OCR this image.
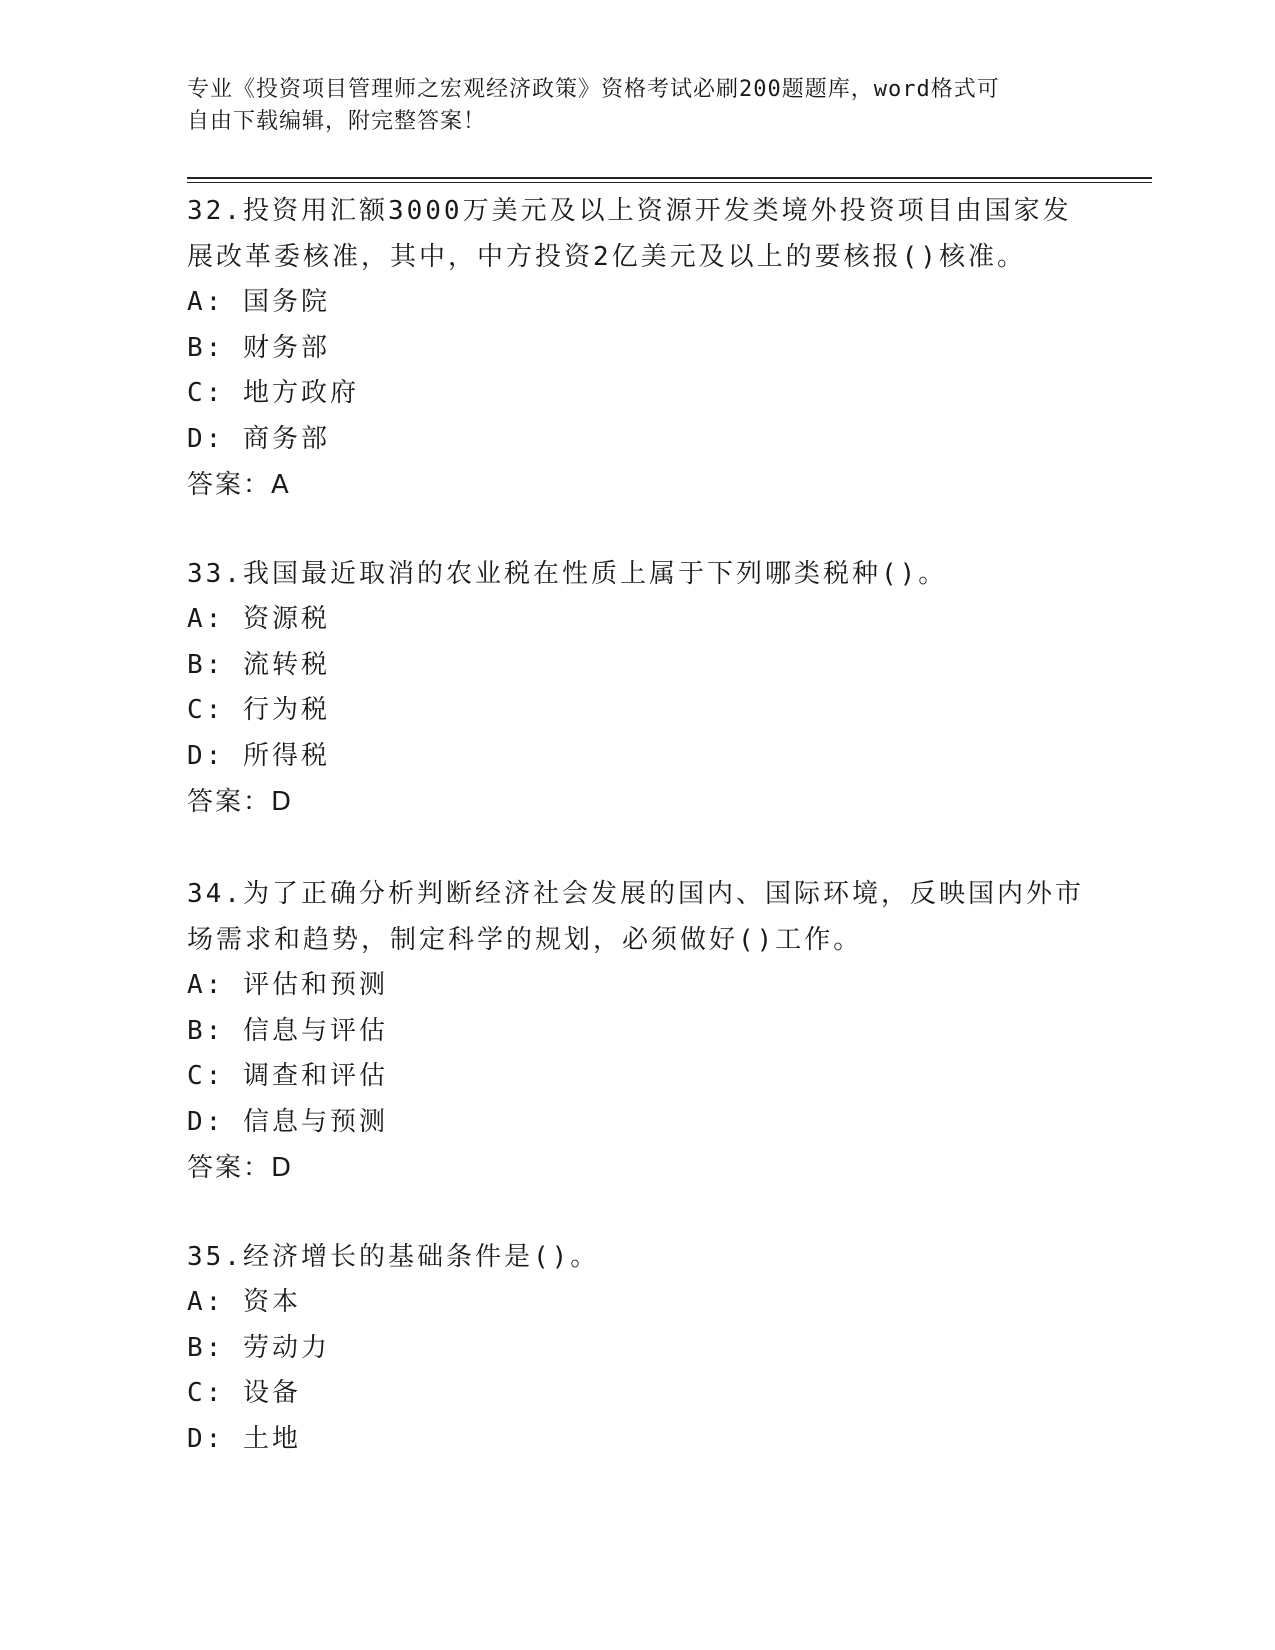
专业《投资项目管理师之宏观经济政策》资格考试必刷200题题库，word格式可
自由下载编辑，附完整答案！
32.投资用汇额3000万美元及以上资源开发类境外投资项目由国家发
展改革委核准，其中，中方投资2亿美元及以上的要核报()核准。
A: 国务院
B: 财务部
C: 地方政府
D: 商务部
答案：A
33.我国最近取消的农业税在性质上属于下列哪类税种()。
A: 资源税
B: 流转税
C: 行为税
D: 所得税
答案：D
34.为了正确分析判断经济社会发展的国内、国际环境，反映国内外市
场需求和趋势，制定科学的规划，必须做好()工作。
A: 评估和预测
B: 信息与评估
C: 调查和评估
D: 信息与预测
答案：D
35.经济增长的基础条件是()。
A: 资本
B: 劳动力
C: 设备
D: 土地
